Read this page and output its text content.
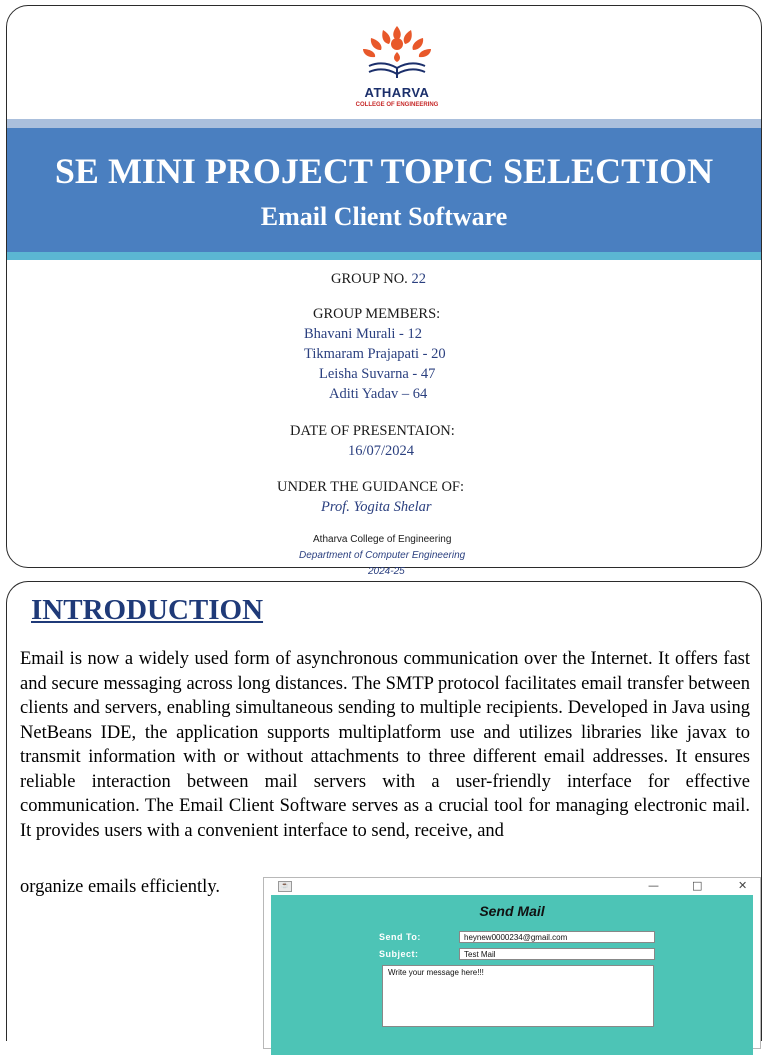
ATHARVA
COLLEGE OF ENGINEERING
SE MINI PROJECT TOPIC SELECTION
Email Client Software
GROUP NO. 22
GROUP MEMBERS:
Bhavani Murali - 12
Tikmaram Prajapati - 20
Leisha Suvarna - 47
Aditi Yadav – 64
DATE OF PRESENTAION:
16/07/2024
UNDER THE GUIDANCE OF:
Prof. Yogita Shelar
Atharva College of Engineering
Department of Computer Engineering
2024-25
INTRODUCTION
Email is now a widely used form of asynchronous communication over the Internet. It offers fast and secure messaging across long distances. The SMTP protocol facilitates email transfer between clients and servers, enabling simultaneous sending to multiple recipients. Developed in Java using NetBeans IDE, the application supports multiplatform use and utilizes libraries like javax to transmit information with or without attachments to three different email addresses. It ensures reliable interaction between mail servers with a user-friendly interface for effective communication. The Email Client Software serves as a crucial tool for managing electronic mail. It provides users with a convenient interface to send, receive, and
organize emails efficiently.	☕	—	□	✕
Send Mail
Send To:	heynew0000234@gmail.com
Subject:	Test Mail
Write your message here!!!
